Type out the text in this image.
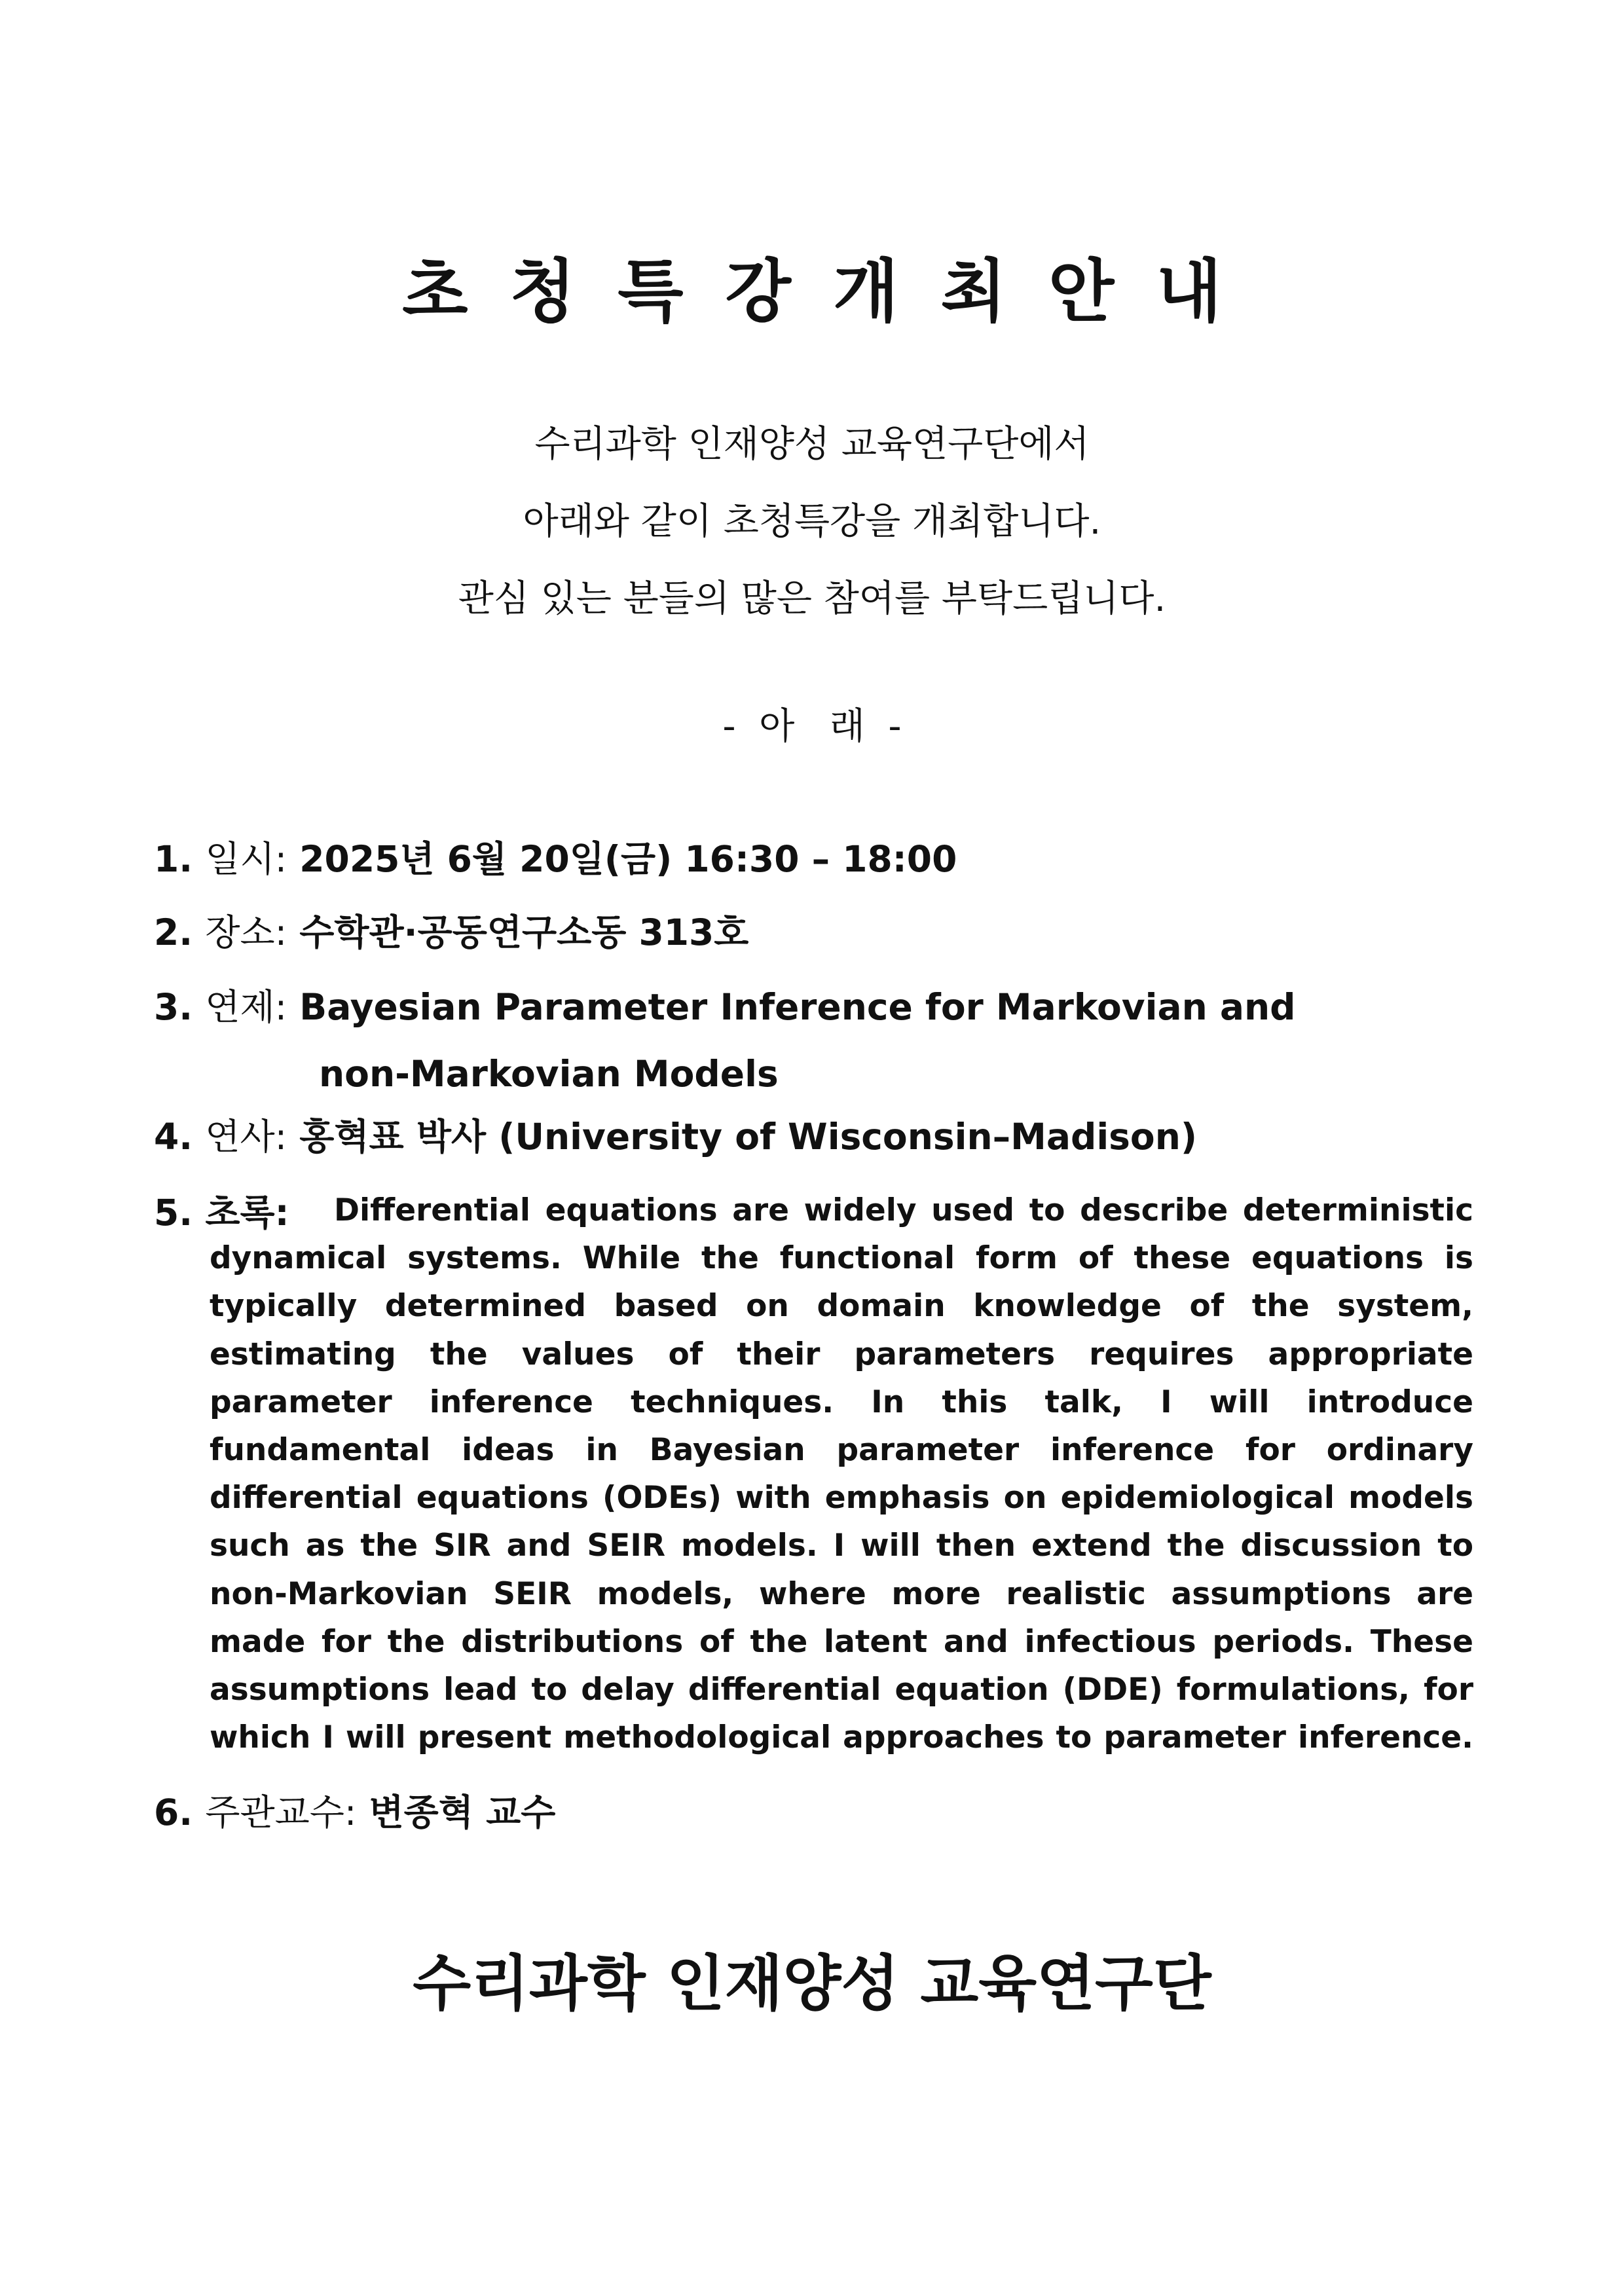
초청특강개최안내
수리과학 인재양성 교육연구단에서
아래와 같이 초청특강을 개최합니다.
관심 있는 분들의 많은 참여를 부탁드립니다.
-  아   래  -
1. 일시: 2025년 6월 20일(금) 16:30 – 18:00
2. 장소: 수학관·공동연구소동 313호
3. 연제: Bayesian Parameter Inference for Markovian and
non-Markovian Models
4. 연사: 홍혁표 박사 (University of Wisconsin–Madison)
5. 초록:	Differential equations are widely used to describe deterministic
dynamical systems. While the functional form of these equations is
typically determined based on domain knowledge of the system,
estimating the values of their parameters requires appropriate
parameter inference techniques. In this talk, I will introduce
fundamental ideas in Bayesian parameter inference for ordinary
differential equations (ODEs) with emphasis on epidemiological models
such as the SIR and SEIR models. I will then extend the discussion to
non-Markovian SEIR models, where more realistic assumptions are
made for the distributions of the latent and infectious periods. These
assumptions lead to delay differential equation (DDE) formulations, for
which I will present methodological approaches to parameter inference.
6. 주관교수: 변종혁 교수
수리과학 인재양성 교육연구단
